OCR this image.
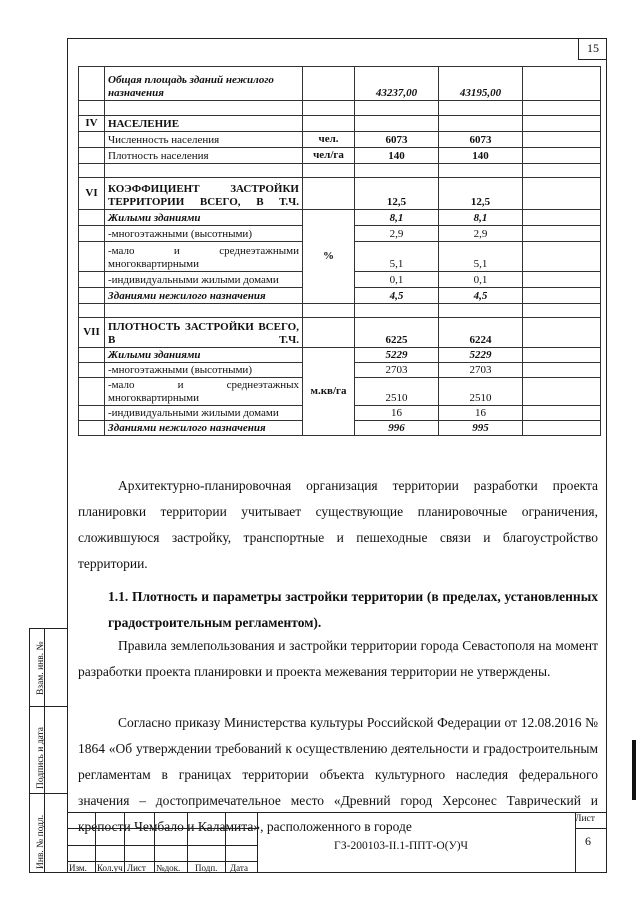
15
	Общая площадь зданий нежилого назначения		43237,00	43195,00	

IV	НАСЕЛЕНИЕ				
	Численность населения	чел.	6073	6073	
	Плотность населения	чел/га	140	140	

VI	КОЭФФИЦИЕНТ ЗАСТРОЙКИ ТЕРРИТОРИИ ВСЕГО, В Т.Ч.		12,5	12,5	
	Жилыми зданиями	%	8,1	8,1	
	-многоэтажными (высотными)		2,9	2,9	
	-мало и среднеэтажными многоквартирными		5,1	5,1	
	-индивидуальными жилыми домами		0,1	0,1	
	Зданиями нежилого назначения		4,5	4,5	

VII	ПЛОТНОСТЬ ЗАСТРОЙКИ ВСЕГО, В Т.Ч.		6225	6224	
	Жилыми зданиями	м.кв/га	5229	5229	
	-многоэтажными (высотными)		2703	2703	
	-мало и среднеэтажных многоквартирными		2510	2510	
	-индивидуальными жилыми домами		16	16	
	Зданиями нежилого назначения		996	995	
Архитектурно-планировочная организация территории разработки проекта планировки территории учитывает существующие планировочные ограничения, сложившуюся застройку, транспортные и пешеходные связи и благоустройство территории.
1.1. Плотность и параметры застройки территории (в пределах, установленных градостроительным регламентом).
Правила землепользования и застройки территории города Севастополя на момент разработки проекта планировки и проекта межевания территории не утверждены.
Согласно приказу Министерства культуры Российской Федерации от 12.08.2016 № 1864 «Об утверждении требований к осуществлению деятельности и градостроительным регламентам в границах территории объекта культурного наследия федерального значения – достопримечательное место «Древний город Херсонес Таврический и крепости Чембало и Каламита», расположенного в городе
Взам. инв. №
Подпись и дата
Инв. № подл.	Изм. Кол.уч Лист №док. Подп. Дата
ГЗ-200103-II.1-ППТ-О(У)Ч
Лист
6
